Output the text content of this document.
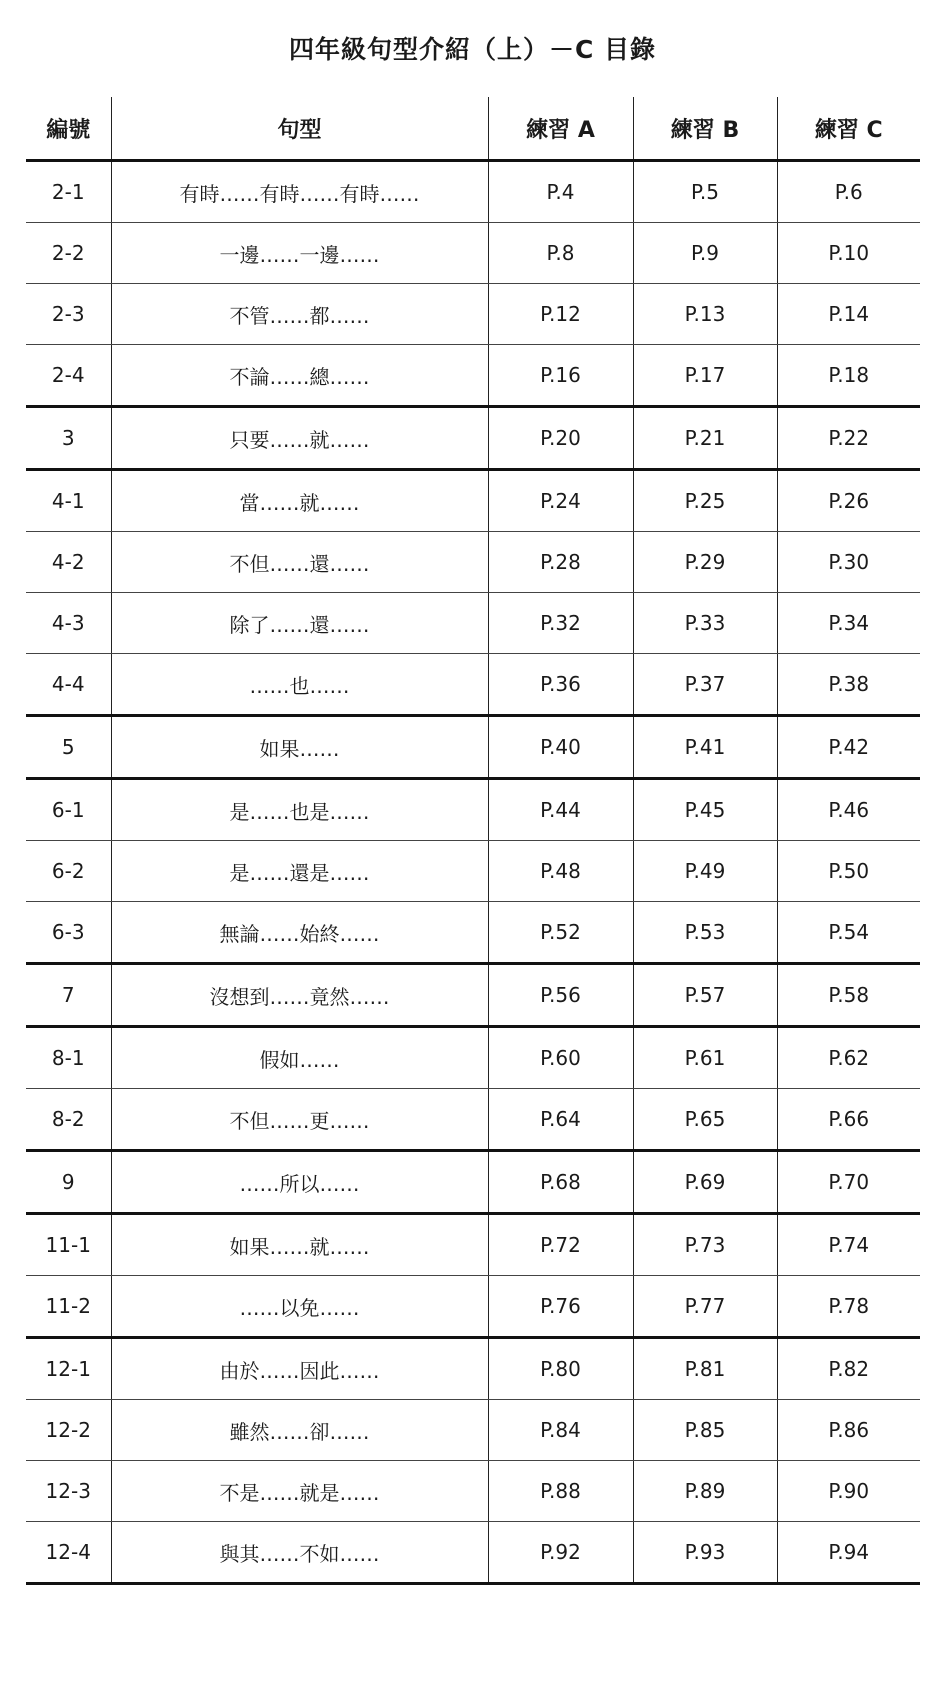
四年級句型介紹（上）－C 目錄
編號	句型	練習 A	練習 B	練習 C
2-1	有時……有時……有時……	P.4	P.5	P.6
2-2	一邊……一邊……	P.8	P.9	P.10
2-3	不管……都……	P.12	P.13	P.14
2-4	不論……總……	P.16	P.17	P.18
3	只要……就……	P.20	P.21	P.22
4-1	當……就……	P.24	P.25	P.26
4-2	不但……還……	P.28	P.29	P.30
4-3	除了……還……	P.32	P.33	P.34
4-4	……也……	P.36	P.37	P.38
5	如果……	P.40	P.41	P.42
6-1	是……也是……	P.44	P.45	P.46
6-2	是……還是……	P.48	P.49	P.50
6-3	無論……始終……	P.52	P.53	P.54
7	沒想到……竟然……	P.56	P.57	P.58
8-1	假如……	P.60	P.61	P.62
8-2	不但……更……	P.64	P.65	P.66
9	……所以……	P.68	P.69	P.70
11-1	如果……就……	P.72	P.73	P.74
11-2	……以免……	P.76	P.77	P.78
12-1	由於……因此……	P.80	P.81	P.82
12-2	雖然……卻……	P.84	P.85	P.86
12-3	不是……就是……	P.88	P.89	P.90
12-4	與其……不如……	P.92	P.93	P.94
